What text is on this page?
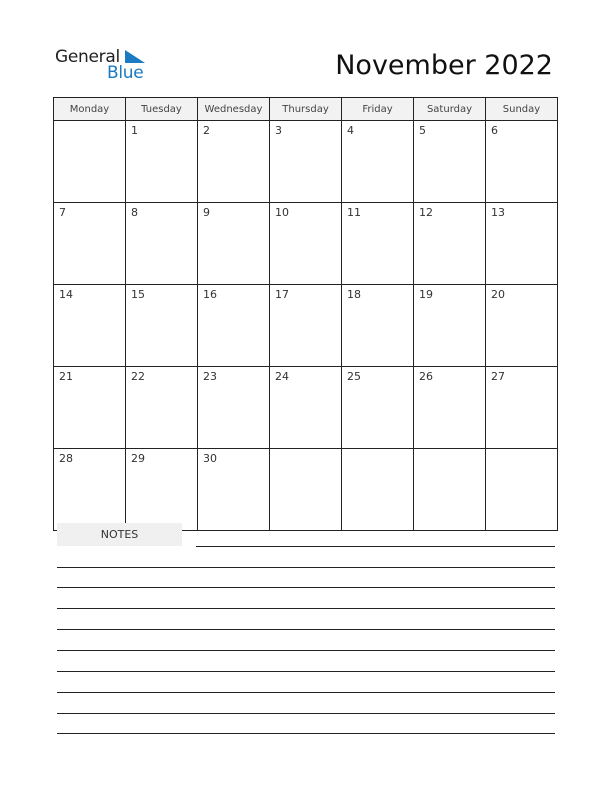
General
Blue	November 2022
Monday	Tuesday	Wednesday	Thursday	Friday	Saturday	Sunday
	1	2	3	4	5	6
7	8	9	10	11	12	13
14	15	16	17	18	19	20
21	22	23	24	25	26	27
28	29	30				
NOTES
